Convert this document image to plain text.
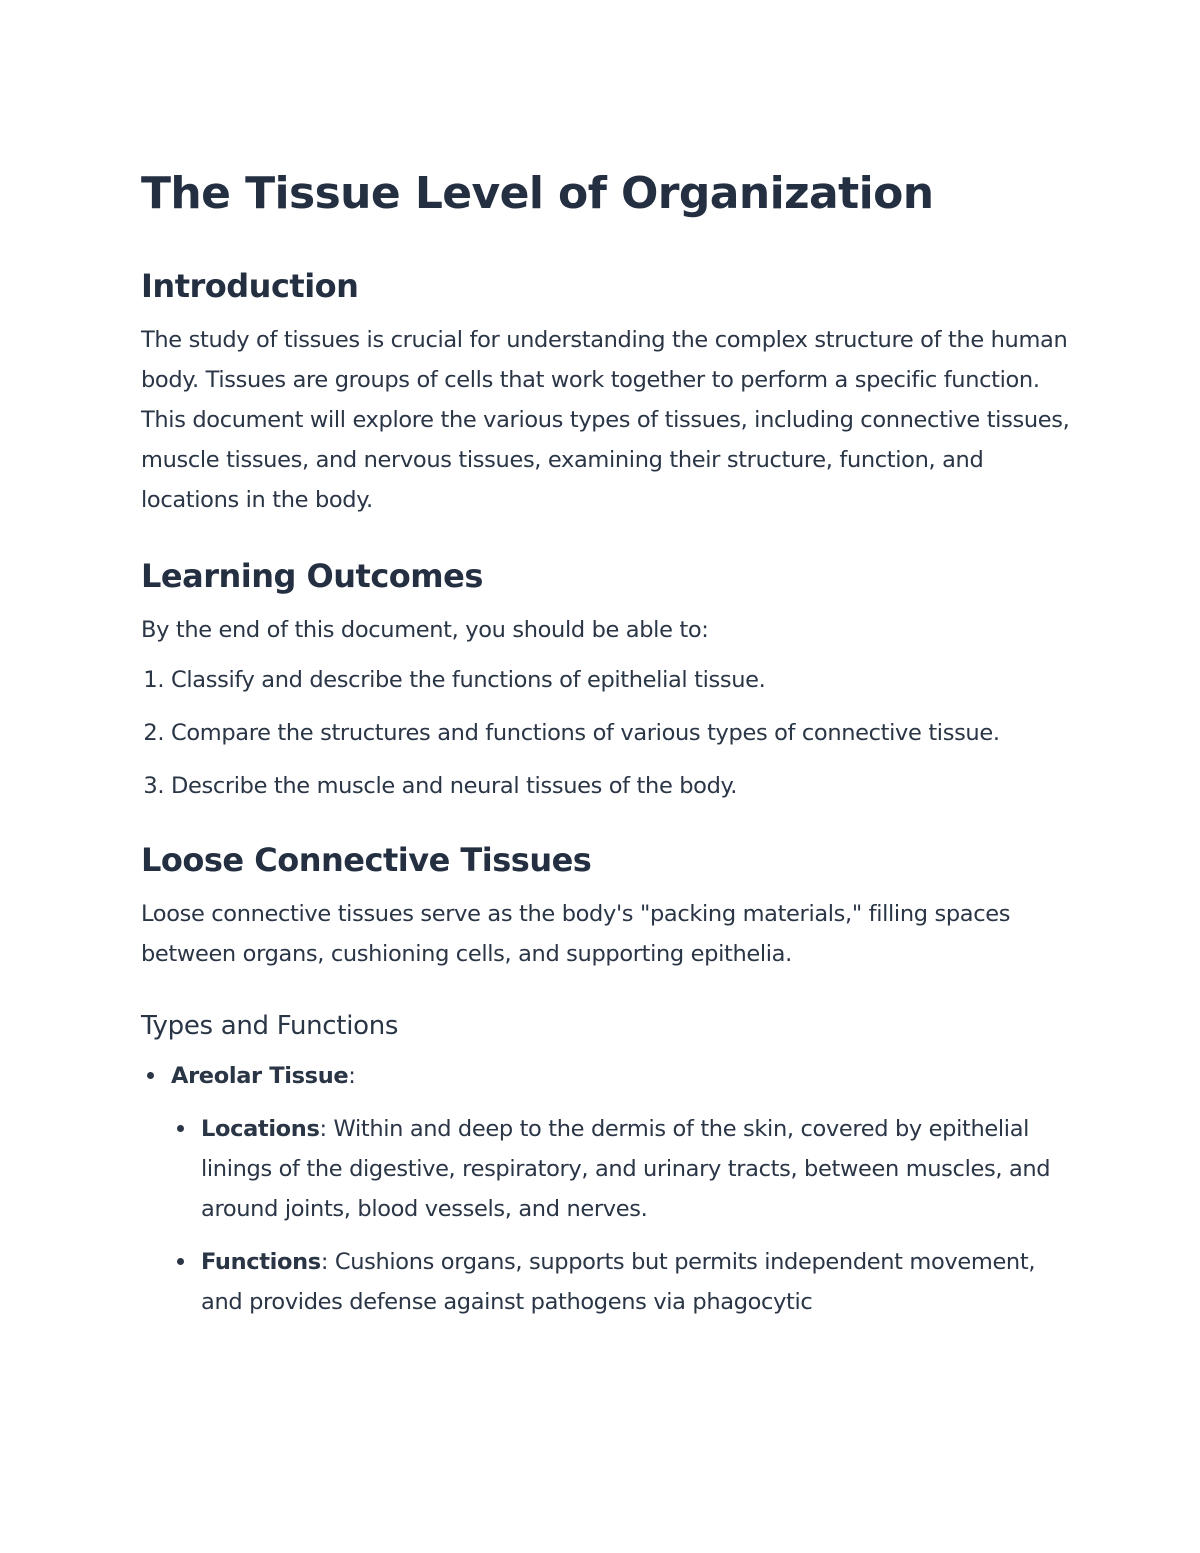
The Tissue Level of Organization
Introduction

The study of tissues is crucial for understanding the complex structure of the human body. Tissues are groups of cells that work together to perform a specific function. This document will explore the various types of tissues, including connective tissues, muscle tissues, and nervous tissues, examining their structure, function, and locations in the body.

Learning Outcomes

By the end of this document, you should be able to:

1. Classify and describe the functions of epithelial tissue.
2. Compare the structures and functions of various types of connective tissue.
3. Describe the muscle and neural tissues of the body.
Loose Connective Tissues

Loose connective tissues serve as the body's "packing materials," filling spaces between organs, cushioning cells, and supporting epithelia.

Types and Functions
Areolar Tissue:
Locations: Within and deep to the dermis of the skin, covered by epithelial linings of the digestive, respiratory, and urinary tracts, between muscles, and around joints, blood vessels, and nerves.
Functions: Cushions organs, supports but permits independent movement, and provides defense against pathogens via phagocytic
